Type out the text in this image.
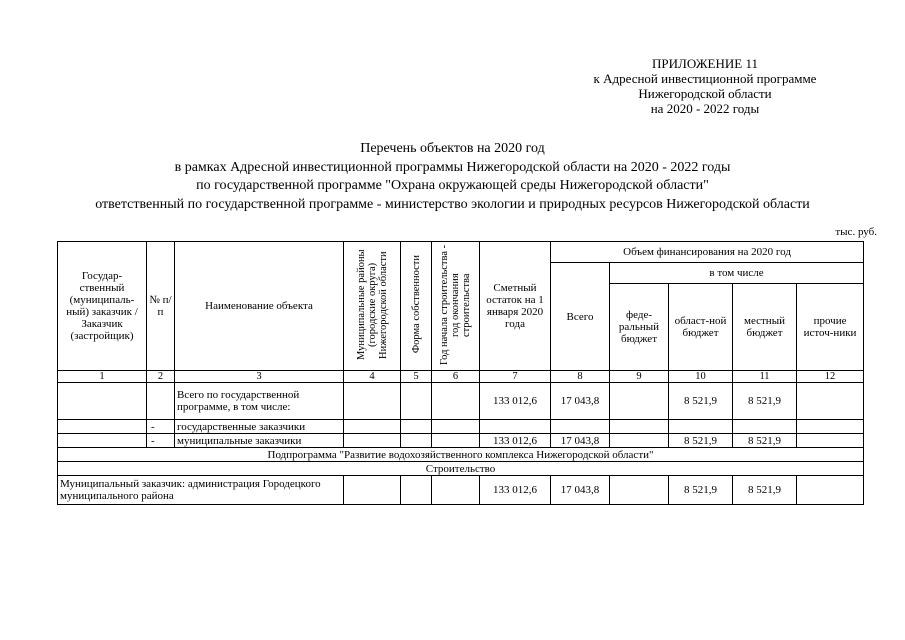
ПРИЛОЖЕНИЕ 11
к Адресной инвестиционной программе
Нижегородской области
на 2020 - 2022 годы
Перечень объектов на 2020 год
в рамках Адресной инвестиционной программы Нижегородской области на 2020 - 2022 годы
по государственной программе "Охрана окружающей среды Нижегородской области"
ответственный по государственной программе - министерство экологии и природных ресурсов Нижегородской области
тыс. руб.
Государ-ственный (муниципаль-ный) заказчик / Заказчик (застройщик)	№ п/п	Наименование объекта	Муниципальные районы (городские округа) Нижегородской области	Форма собственности	Год начала строительства - год окончания строительства	Сметный остаток на 1 января 2020 года	Объем финансирования на 2020 год				
							Всего	в том числе			
								феде-ральный бюджет	област-ной бюджет	местный бюджет	прочие источ-ники
1	2	3	4	5	6	7	8	9	10	11	12
		Всего по государственной программе, в том числе:				133 012,6	17 043,8		8 521,9	8 521,9	
	-	государственные заказчики									
	-	муниципальные заказчики				133 012,6	17 043,8		8 521,9	8 521,9	
Подпрограмма "Развитие водохозяйственного комплекса Нижегородской области"											
Строительство											
Муниципальный заказчик: администрация Городецкого муниципального района						133 012,6	17 043,8		8 521,9	8 521,9	
